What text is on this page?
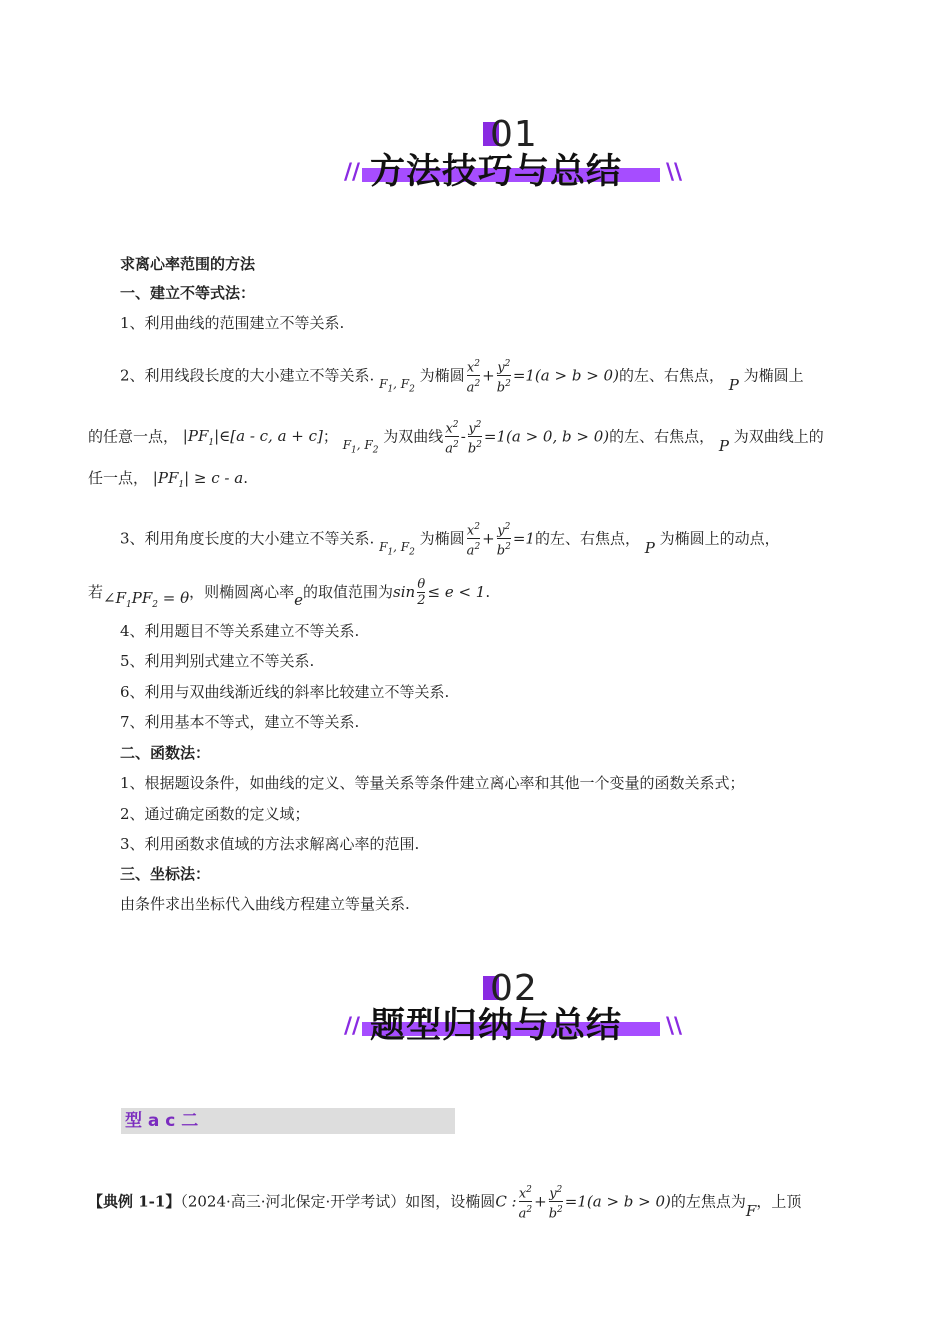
01
// 方法技巧与总结 \\
求离心率范围的方法
一、建立不等式法：
1、利用曲线的范围建立不等关系.
2、利用线段长度的大小建立不等关系. $_{F_1, F_2}$ 为椭圆 $\frac{x^2}{a^2} + \frac{y^2}{b^2} =1(a > b > 0)$的左、右焦点， P 为椭圆上
的任意一点， $|PF_1|\in[a$ - c, a + c]； $_{F_1, F_2}$ 为双曲线 $\frac{x^2}{a^2} - \frac{y^2}{b^2} =1(a > 0$, b > 0)的左、右焦点， P 为双曲线上的
任一点， $|PF_1| \ge c - a$.
3、利用角度长度的大小建立不等关系. $_{F_1, F_2}$ 为椭圆 $\frac{x^2}{a^2} + \frac{y^2}{b^2} =1$的左、右焦点， P 为椭圆上的动点，
若$\angle F_1PF_2 = \theta$，则椭圆离心率e的取值范围为$\sin \frac{\theta}{2} \le e < 1$.
4、利用题目不等关系建立不等关系.
5、利用判别式建立不等关系.
6、利用与双曲线渐近线的斜率比较建立不等关系.
7、利用基本不等式，建立不等关系.
二、函数法：
1、根据题设条件，如曲线的定义、等量关系等条件建立离心率和其他一个变量的函数关系式；
2、通过确定函数的定义域；
3、利用函数求值域的方法求解离心率的范围.
三、坐标法：
由条件求出坐标代入曲线方程建立等量关系.
02
// 题型归纳与总结 \\
型 a c 二
【典例 1-1】（2024·高三·河北保定·开学考试）如图，设椭圆C : $\frac{x^2}{a^2} + \frac{y^2}{b^2} =1(a > b > 0)$的左焦点为F，上顶
